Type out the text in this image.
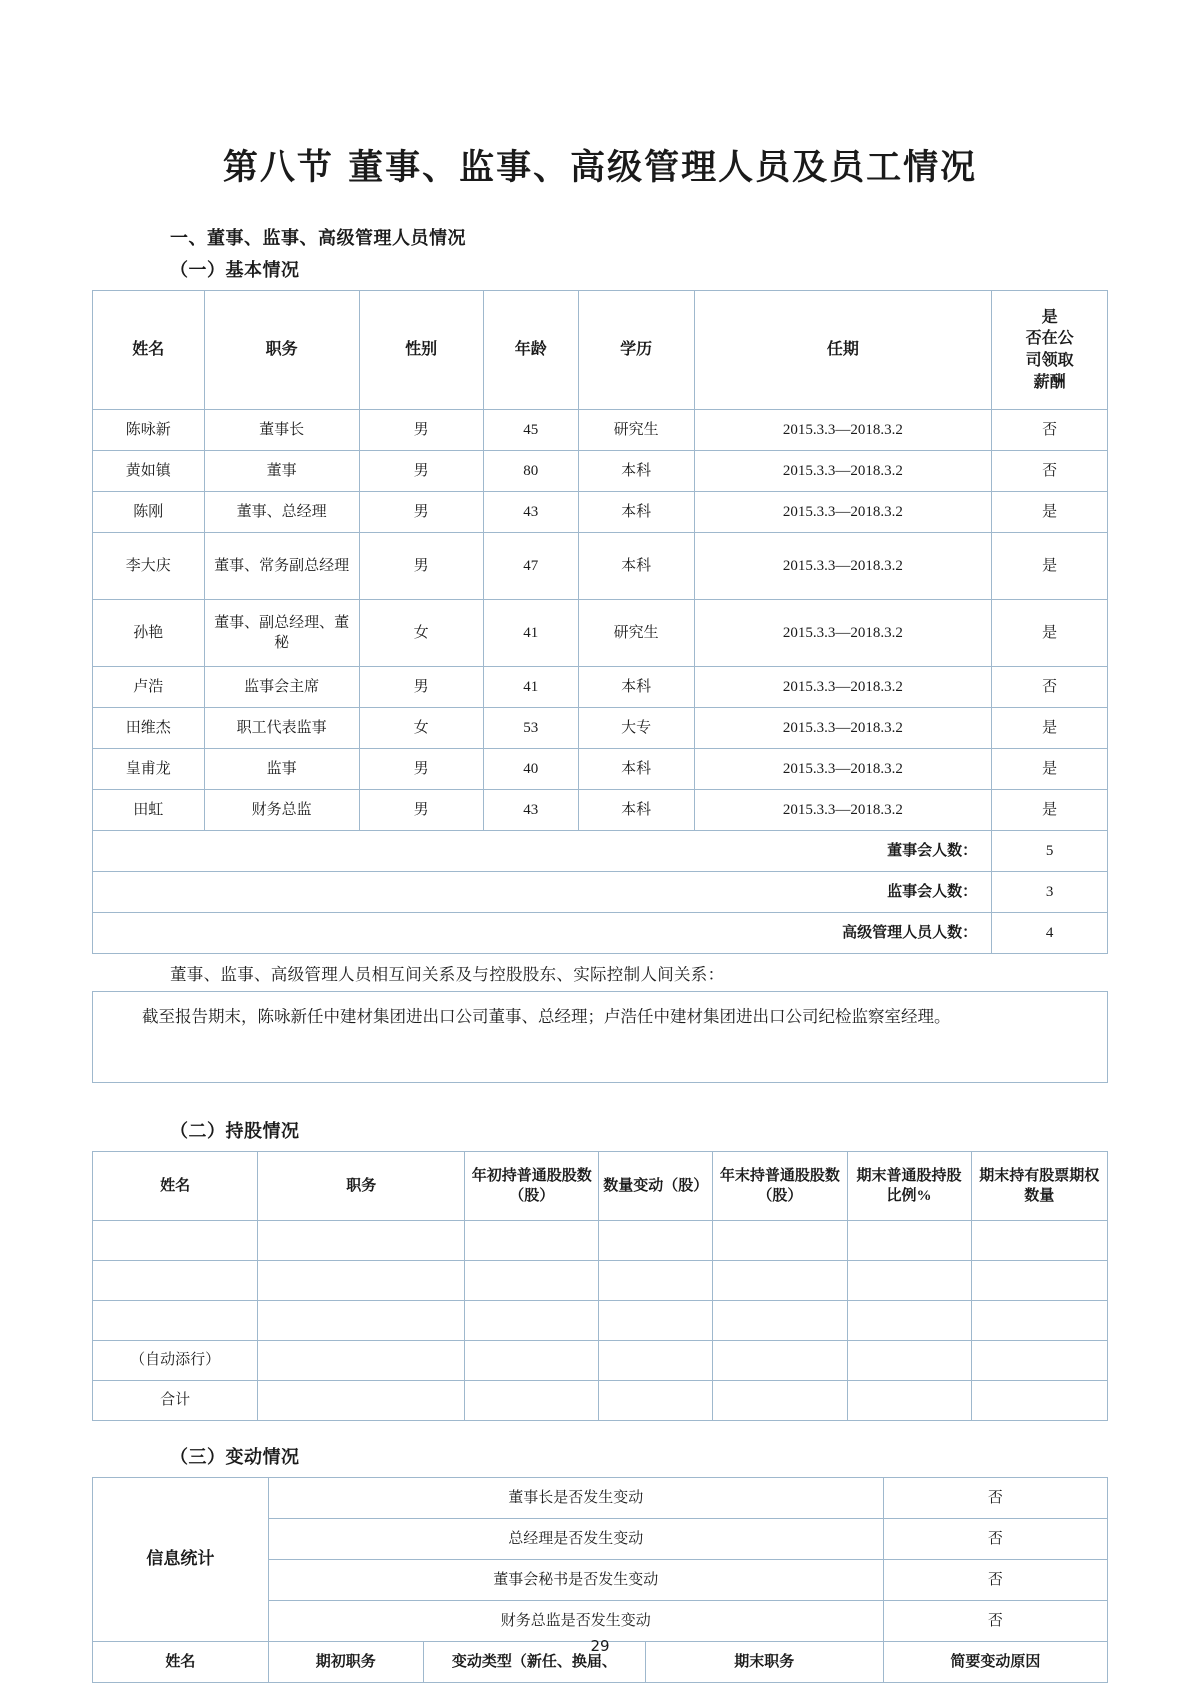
第八节 董事、监事、高级管理人员及员工情况
一、董事、监事、高级管理人员情况
（一）基本情况
姓名	职务	性别	年龄	学历	任期	是
否在公
司领取
薪酬

陈咏新	董事长	男	45	研究生	2015.3.3—2018.3.2	否
黄如镇	董事	男	80	本科	2015.3.3—2018.3.2	否
陈刚	董事、总经理	男	43	本科	2015.3.3—2018.3.2	是
李大庆	董事、常务副总经理	男	47	本科	2015.3.3—2018.3.2	是
孙艳	董事、副总经理、董秘	女	41	研究生	2015.3.3—2018.3.2	是
卢浩	监事会主席	男	41	本科	2015.3.3—2018.3.2	否
田维杰	职工代表监事	女	53	大专	2015.3.3—2018.3.2	是
皇甫龙	监事	男	40	本科	2015.3.3—2018.3.2	是
田虹	财务总监	男	43	本科	2015.3.3—2018.3.2	是
董事会人数：						5
监事会人数：						3
高级管理人员人数：						4
董事、监事、高级管理人员相互间关系及与控股股东、实际控制人间关系：

截至报告期末，陈咏新任中建材集团进出口公司董事、总经理；卢浩任中建材集团进出口公司纪检监察室经理。

（二）持股情况
姓名	职务	年初持普通股股数（股）	数量变动（股）	年末持普通股股数（股）	期末普通股持股比例%	期末持有股票期权数量

（自动添行）						
合计						
（三）变动情况
信息统计	董事长是否发生变动			否
	总经理是否发生变动			否
	董事会秘书是否发生变动			否
	财务总监是否发生变动			否
姓名	期初职务	变动类型（新任、换届、	期末职务	简要变动原因
29
